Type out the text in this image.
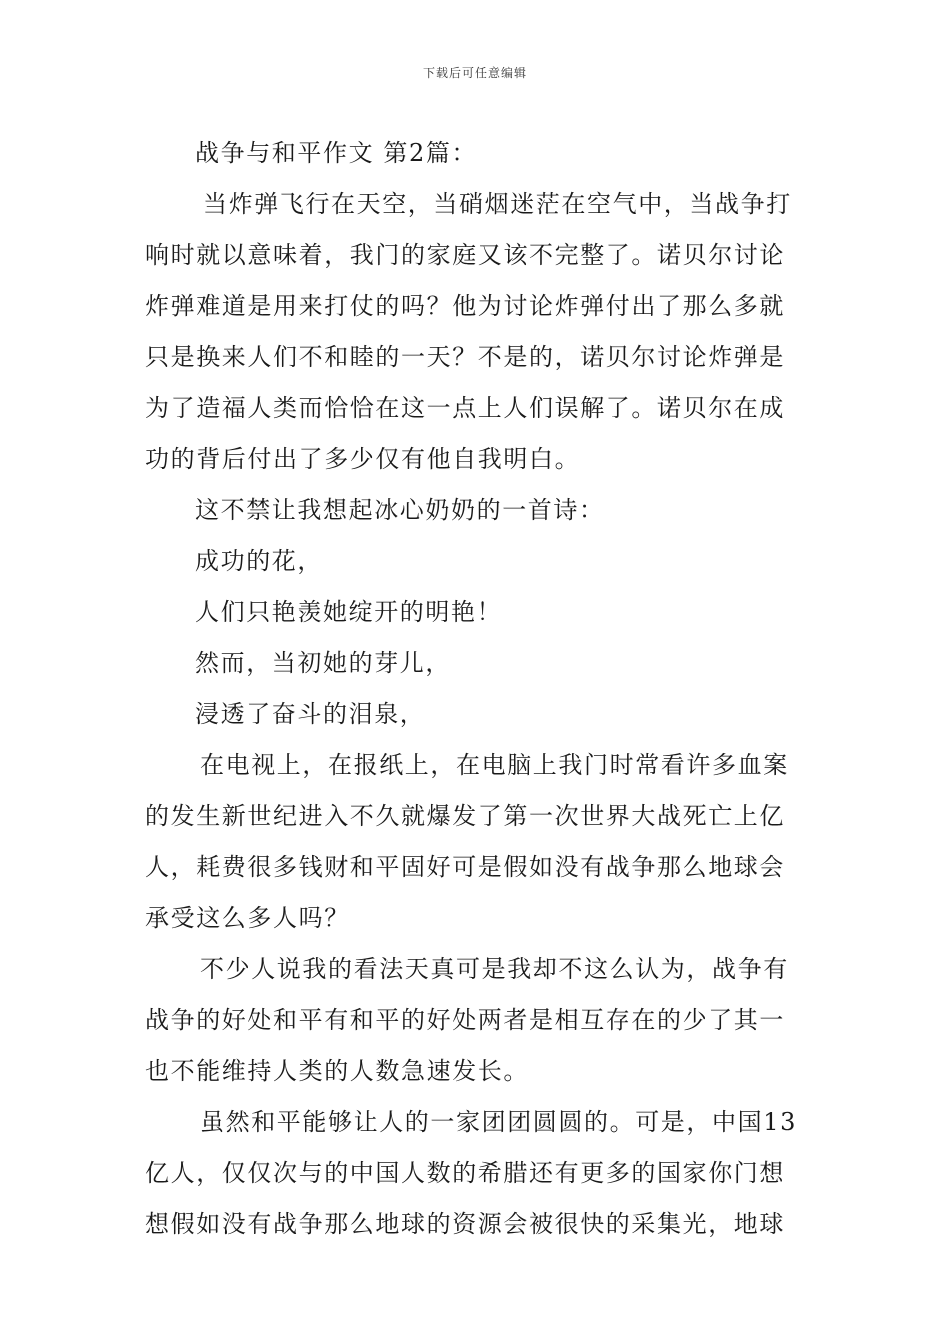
下载后可任意编辑
战争与和平作文 第2篇：
当炸弹飞行在天空，当硝烟迷茫在空气中，当战争打
响时就以意味着，我门的家庭又该不完整了。诺贝尔讨论
炸弹难道是用来打仗的吗？他为讨论炸弹付出了那么多就
只是换来人们不和睦的一天？不是的，诺贝尔讨论炸弹是
为了造福人类而恰恰在这一点上人们误解了。诺贝尔在成
功的背后付出了多少仅有他自我明白。
这不禁让我想起冰心奶奶的一首诗：
成功的花，
人们只艳羡她绽开的明艳！
然而，当初她的芽儿，
浸透了奋斗的泪泉，
在电视上，在报纸上，在电脑上我门时常看许多血案
的发生新世纪进入不久就爆发了第一次世界大战死亡上亿
人，耗费很多钱财和平固好可是假如没有战争那么地球会
承受这么多人吗？
不少人说我的看法天真可是我却不这么认为，战争有
战争的好处和平有和平的好处两者是相互存在的少了其一
也不能维持人类的人数急速发长。
虽然和平能够让人的一家团团圆圆的。可是，中国13
亿人，仅仅次与的中国人数的希腊还有更多的国家你门想
想假如没有战争那么地球的资源会被很快的采集光，地球
